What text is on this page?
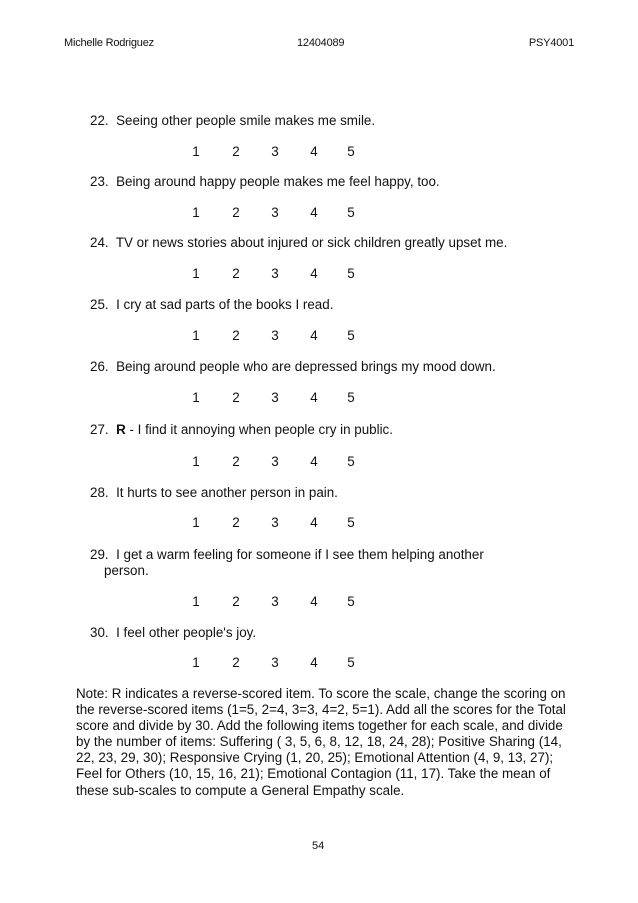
Michelle Rodriguez	12404089	PSY4001
22. Seeing other people smile makes me smile.
1 2 3 4 5
23. Being around happy people makes me feel happy, too.
1 2 3 4 5
24. TV or news stories about injured or sick children greatly upset me.
1 2 3 4 5
25. I cry at sad parts of the books I read.
1 2 3 4 5
26. Being around people who are depressed brings my mood down.
1 2 3 4 5
27. R - I find it annoying when people cry in public.
1 2 3 4 5
28. It hurts to see another person in pain.
1 2 3 4 5
29. I get a warm feeling for someone if I see them helping another
person.
1 2 3 4 5
30. I feel other people's joy.
1 2 3 4 5
Note: R indicates a reverse-scored item. To score the scale, change the scoring on the reverse-scored items (1=5, 2=4, 3=3, 4=2, 5=1). Add all the scores for the Total score and divide by 30. Add the following items together for each scale, and divide by the number of items: Suffering ( 3, 5, 6, 8, 12, 18, 24, 28); Positive Sharing (14, 22, 23, 29, 30); Responsive Crying (1, 20, 25); Emotional Attention (4, 9, 13, 27); Feel for Others (10, 15, 16, 21); Emotional Contagion (11, 17). Take the mean of these sub-scales to compute a General Empathy scale.
54
